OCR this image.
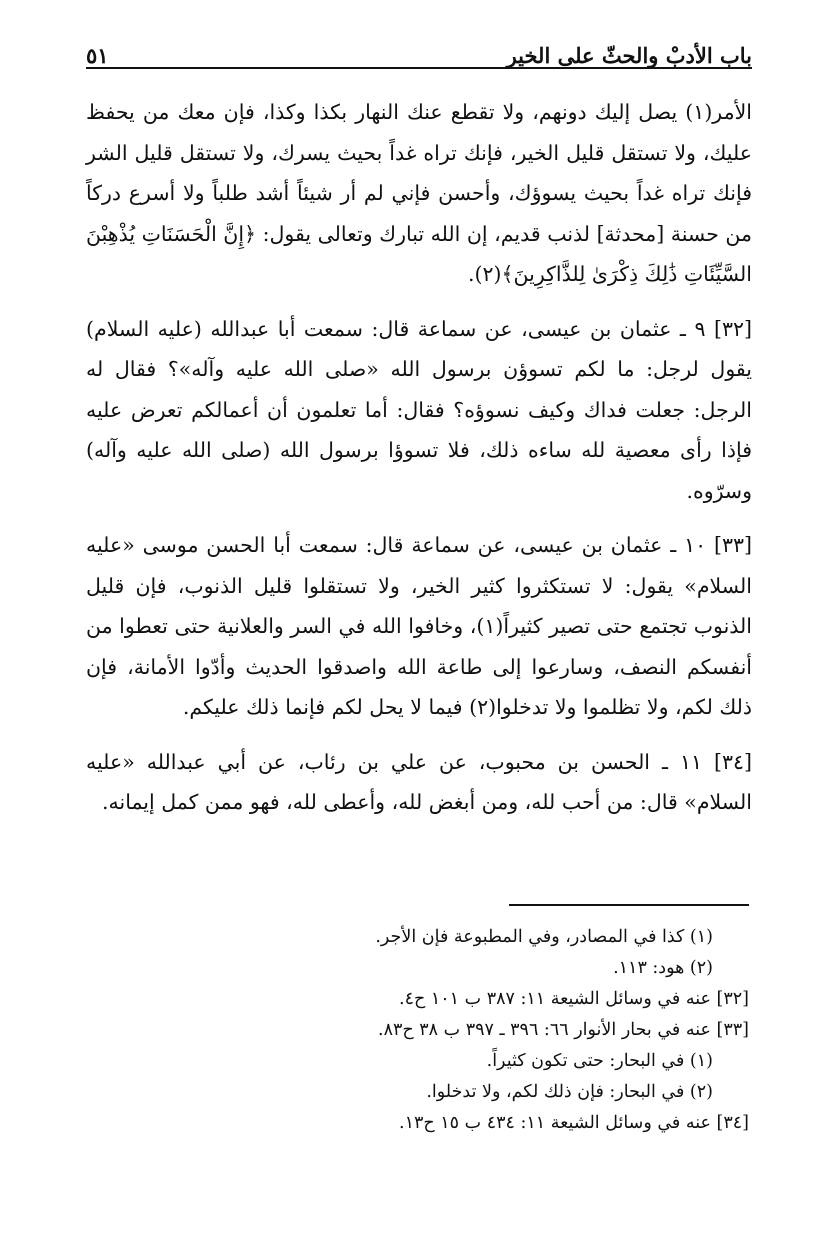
باب الأدبْ والحثّ على الخير
٥١

الأمر(١) يصل إليك دونهم، ولا تقطع عنك النهار بكذا وكذا، فإن معك من يحفظ عليك، ولا تستقل قليل الخير، فإنك تراه غداً بحيث يسرك، ولا تستقل قليل الشر فإنك تراه غداً بحيث يسوؤك، وأحسن فإني لم أر شيئاً أشد طلباً ولا أسرع دركاً من حسنة [محدثة] لذنب قديم، إن الله تبارك وتعالى يقول: ﴿إِنَّ الْحَسَنَاتِ يُذْهِبْنَ السَّيِّئَاتِ ذَٰلِكَ ذِكْرَىٰ لِلذَّاكِرِينَ﴾(٢).

[٣٢] ٩ ـ عثمان بن عيسى، عن سماعة قال: سمعت أبا عبدالله (عليه السلام) يقول لرجل: ما لكم تسوؤن برسول الله «صلى الله عليه وآله»؟ فقال له الرجل: جعلت فداك وكيف نسوؤه؟ فقال: أما تعلمون أن أعمالكم تعرض عليه فإذا رأى معصية لله ساءه ذلك، فلا تسوؤا برسول الله (صلى الله عليه وآله) وسرّوه.

[٣٣] ١٠ ـ عثمان بن عيسى، عن سماعة قال: سمعت أبا الحسن موسى «عليه السلام» يقول: لا تستكثروا كثير الخير، ولا تستقلوا قليل الذنوب، فإن قليل الذنوب تجتمع حتى تصير كثيراً(١)، وخافوا الله في السر والعلانية حتى تعطوا من أنفسكم النصف، وسارعوا إلى طاعة الله واصدقوا الحديث وأدّوا الأمانة، فإن ذلك لكم، ولا تظلموا ولا تدخلوا(٢) فيما لا يحل لكم فإنما ذلك عليكم.

[٣٤] ١١ ـ الحسن بن محبوب، عن علي بن رئاب، عن أبي عبدالله «عليه السلام» قال: من أحب لله، ومن أبغض لله، وأعطى لله، فهو ممن كمل إيمانه.

(١) كذا في المصادر، وفي المطبوعة فإن الأجر.
(٢) هود: ١١٣.
[٣٢] عنه في وسائل الشيعة ١١: ٣٨٧ ب ١٠١ ح٤.
[٣٣] عنه في بحار الأنوار ٦٦: ٣٩٦ ـ ٣٩٧ ب ٣٨ ح٨٣.
(١) في البحار: حتى تكون كثيراً.
(٢) في البحار: فإن ذلك لكم، ولا تدخلوا.
[٣٤] عنه في وسائل الشيعة ١١: ٤٣٤ ب ١٥ ح١٣.
